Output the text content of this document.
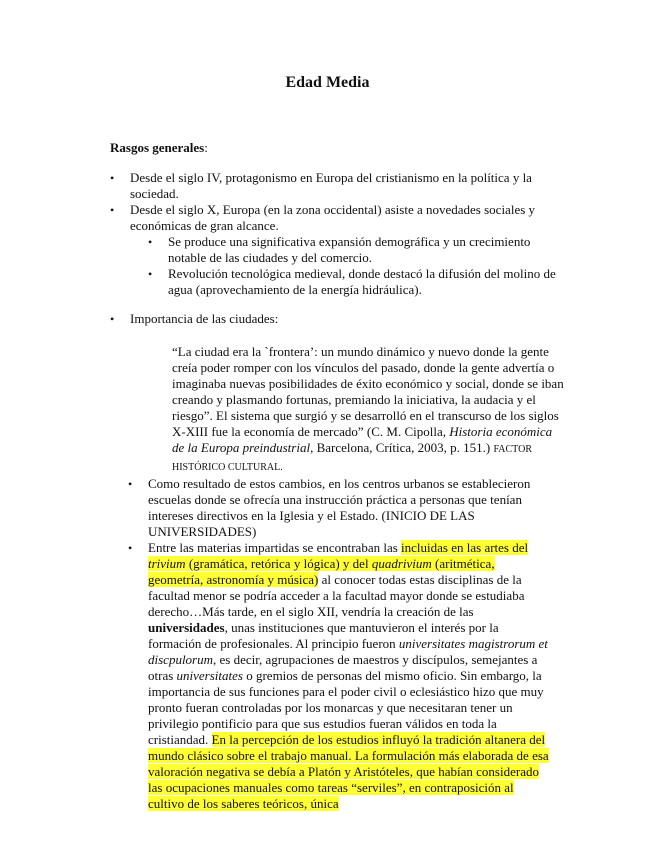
Edad Media
Rasgos generales:
• Desde el siglo IV, protagonismo en Europa del cristianismo en la política y la sociedad.
• Desde el siglo X, Europa (en la zona occidental) asiste a novedades sociales y económicas de gran alcance.
• Se produce una significativa expansión demográfica y un crecimiento notable de las ciudades y del comercio.
• Revolución tecnológica medieval, donde destacó la difusión del molino de agua (aprovechamiento de la energía hidráulica).
• Importancia de las ciudades:
“La ciudad era la `frontera’: un mundo dinámico y nuevo donde la gente creía poder romper con los vínculos del pasado, donde la gente advertía o imaginaba nuevas posibilidades de éxito económico y social, donde se iban creando y plasmando fortunas, premiando la iniciativa, la audacia y el riesgo”. El sistema que surgió y se desarrolló en el transcurso de los siglos X-XIII fue la economía de mercado” (C. M. Cipolla, Historia económica de la Europa preindustrial, Barcelona, Crítica, 2003, p. 151.) FACTOR HISTÓRICO CULTURAL.
• Como resultado de estos cambios, en los centros urbanos se establecieron escuelas donde se ofrecía una instrucción práctica a personas que tenían intereses directivos en la Iglesia y el Estado. (INICIO DE LAS UNIVERSIDADES)
• Entre las materias impartidas se encontraban las incluidas en las artes del trivium (gramática, retórica y lógica) y del quadrivium (aritmética, geometría, astronomía y música) al conocer todas estas disciplinas de la facultad menor se podría acceder a la facultad mayor donde se estudiaba derecho…Más tarde, en el siglo XII, vendría la creación de las universidades, unas instituciones que mantuvieron el interés por la formación de profesionales. Al principio fueron universitates magistrorum et discpulorum, es decir, agrupaciones de maestros y discípulos, semejantes a otras universitates o gremios de personas del mismo oficio. Sin embargo, la importancia de sus funciones para el poder civil o eclesiástico hizo que muy pronto fueran controladas por los monarcas y que necesitaran tener un privilegio pontificio para que sus estudios fueran válidos en toda la cristiandad. En la percepción de los estudios influyó la tradición altanera del mundo clásico sobre el trabajo manual. La formulación más elaborada de esa valoración negativa se debía a Platón y Aristóteles, que habían considerado las ocupaciones manuales como tareas “serviles”, en contraposición al cultivo de los saberes teóricos, única
